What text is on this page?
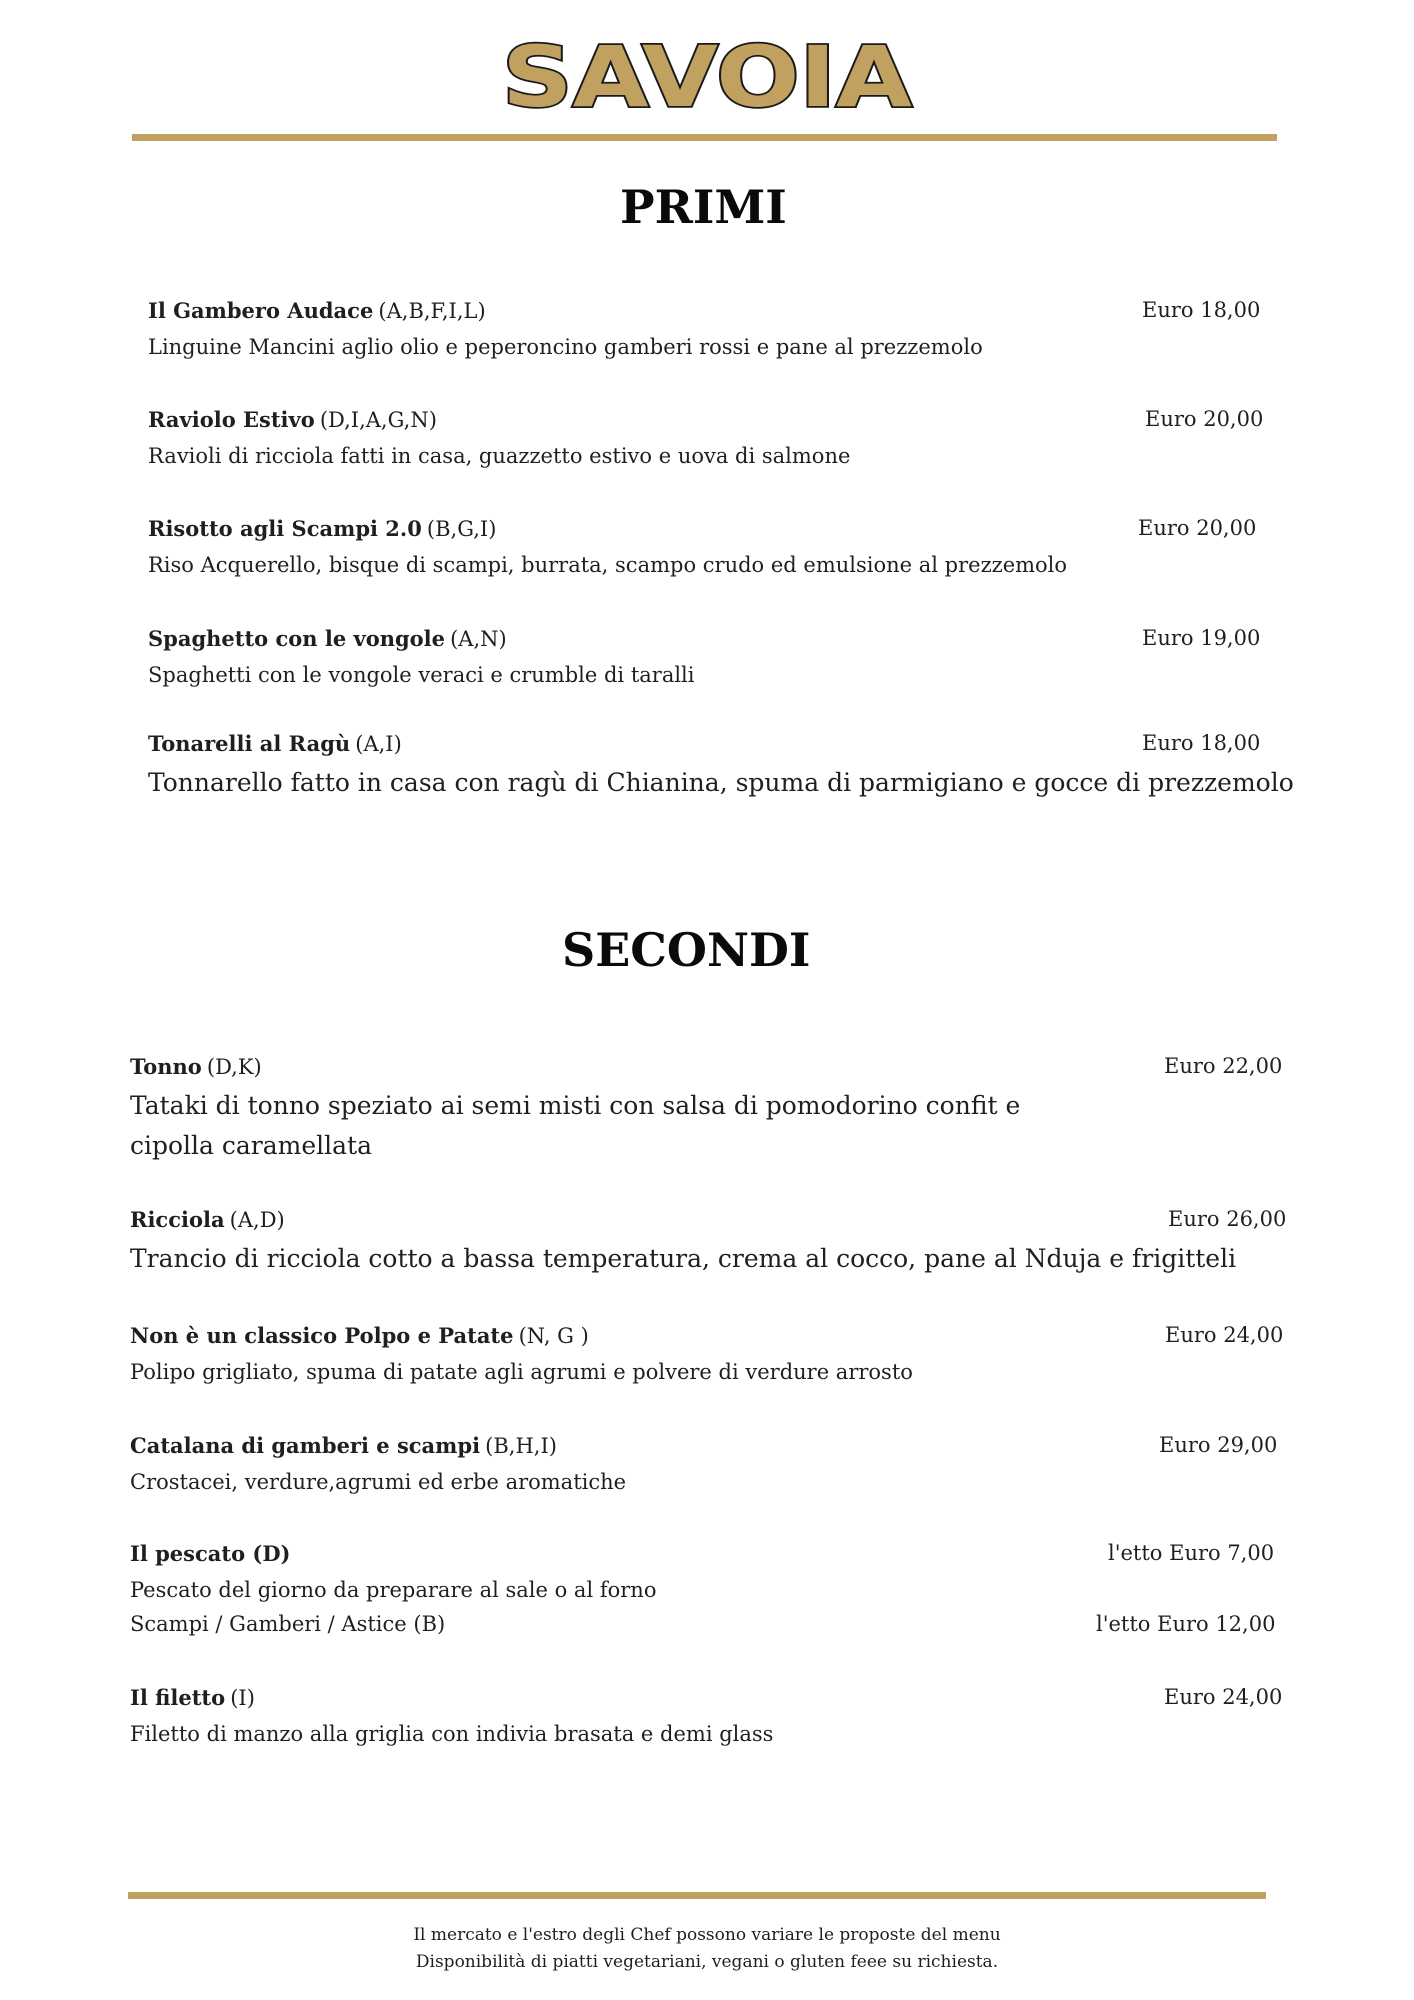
SAVOIA
PRIMI
Il Gambero Audace (A,B,F,I,L)	Euro 18,00
Linguine Mancini aglio olio e peperoncino gamberi rossi e pane al prezzemolo
Raviolo Estivo (D,I,A,G,N)	Euro 20,00
Ravioli di ricciola fatti in casa, guazzetto estivo e uova di salmone
Risotto agli Scampi 2.0 (B,G,I)	Euro 20,00
Riso Acquerello, bisque di scampi, burrata, scampo crudo ed emulsione al prezzemolo
Spaghetto con le vongole (A,N)	Euro 19,00
Spaghetti con le vongole veraci e crumble di taralli
Tonarelli al Ragù (A,I)	Euro 18,00
Tonnarello fatto in casa con ragù di Chianina, spuma di parmigiano e gocce di prezzemolo
SECONDI
Tonno (D,K)	Euro 22,00
Tataki di tonno speziato ai semi misti con salsa di pomodorino confit e
cipolla caramellata
Ricciola (A,D)	Euro 26,00
Trancio di ricciola cotto a bassa temperatura, crema al cocco, pane al Nduja e frigitteli
Non è un classico Polpo e Patate (N, G )	Euro 24,00
Polipo grigliato, spuma di patate agli agrumi e polvere di verdure arrosto
Catalana di gamberi e scampi (B,H,I)	Euro 29,00
Crostacei, verdure,agrumi ed erbe aromatiche
Il pescato (D)	l'etto Euro 7,00
Pescato del giorno da preparare al sale o al forno
Scampi / Gamberi / Astice (B)	l'etto Euro 12,00
Il filetto (I)	Euro 24,00
Filetto di manzo alla griglia con indivia brasata e demi glass
Il mercato e l'estro degli Chef possono variare le proposte del menu
Disponibilità di piatti vegetariani, vegani o gluten feee su richiesta.
